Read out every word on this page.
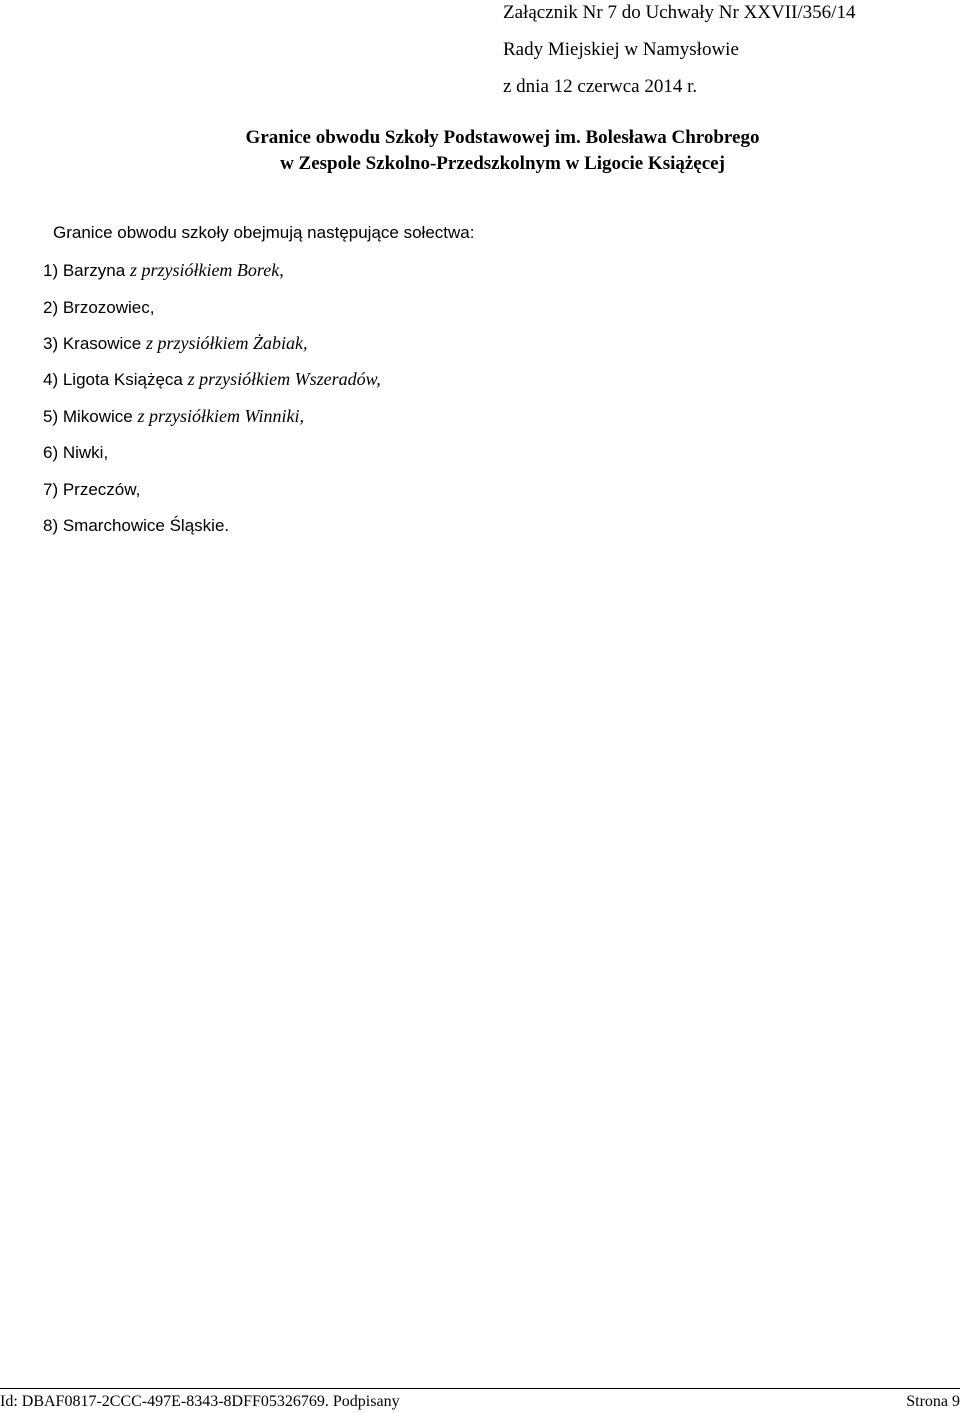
Załącznik Nr 7 do Uchwały Nr XXVII/356/14
Rady Miejskiej w Namysłowie
z dnia 12 czerwca 2014 r.
Granice obwodu Szkoły Podstawowej im. Bolesława Chrobrego
w Zespole Szkolno-Przedszkolnym w Ligocie Książęcej
Granice obwodu szkoły obejmują następujące sołectwa:
1) Barzyna z przysiółkiem Borek,
2) Brzozowiec,
3) Krasowice z przysiółkiem Żabiak,
4) Ligota Książęca z przysiółkiem Wszeradów,
5) Mikowice z przysiółkiem Winniki,
6) Niwki,
7) Przeczów,
8) Smarchowice Śląskie.
Id: DBAF0817-2CCC-497E-8343-8DFF05326769. Podpisany	Strona 9
